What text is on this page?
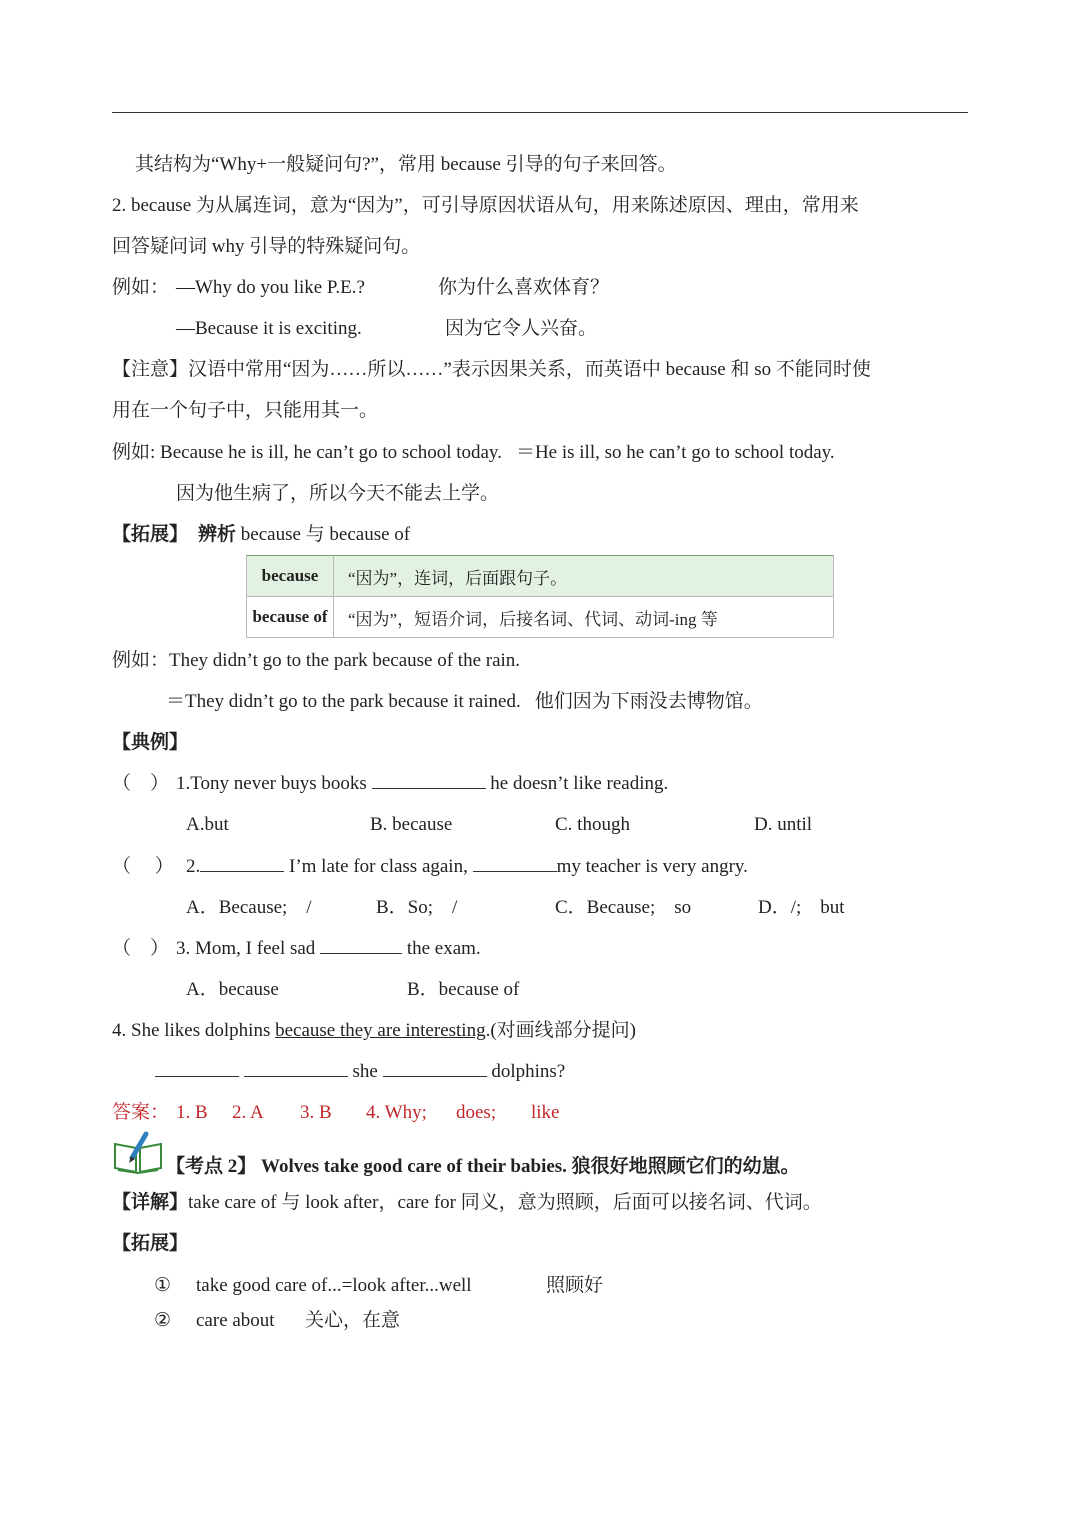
其结构为“Why+一般疑问句?”，常用 because 引导的句子来回答。
2. because 为从属连词，意为“因为”，可引导原因状语从句，用来陈述原因、理由，常用来
回答疑问词 why 引导的特殊疑问句。
例如： —Why do you like P.E.?	你为什么喜欢体育？
—Because it is exciting.	因为它令人兴奋。
【注意】汉语中常用“因为……所以……”表示因果关系，而英语中 because 和 so 不能同时使
用在一个句子中，只能用其一。
例如: Because he is ill, he can’t go to school today. ＝He is ill, so he can’t go to school today.
因为他生病了，所以今天不能去上学。
【拓展】 辨析 because 与 because of
because	“因为”，连词，后面跟句子。
because of	“因为”，短语介词，后接名词、代词、动词-ing 等
例如：They didn’t go to the park because of the rain.
＝They didn’t go to the park because it rained. 他们因为下雨没去博物馆。
【典例】
（　） 1.Tony never buys books	he doesn’t like reading.
A.but	B. because	C. though	D. until
（　 ） 2.	I’m late for class again,	my teacher is very angry.
A．Because;　/	B．So;　/	C．Because;　so	D．/;　but
（　） 3. Mom, I feel sad	the exam.
A．because	B．because of
4. She likes dolphins because they are interesting.(对画线部分提问)
she	dolphins?
答案： 1. B 2. A 3. B 4. Why; does; like
【考点 2】 Wolves take good care of their babies. 狼很好地照顾它们的幼崽。
【详解】take care of 与 look after，care for 同义，意为照顾，后面可以接名词、代词。
【拓展】
① take good care of...=look after...well	照顾好
② care about 关心，在意
